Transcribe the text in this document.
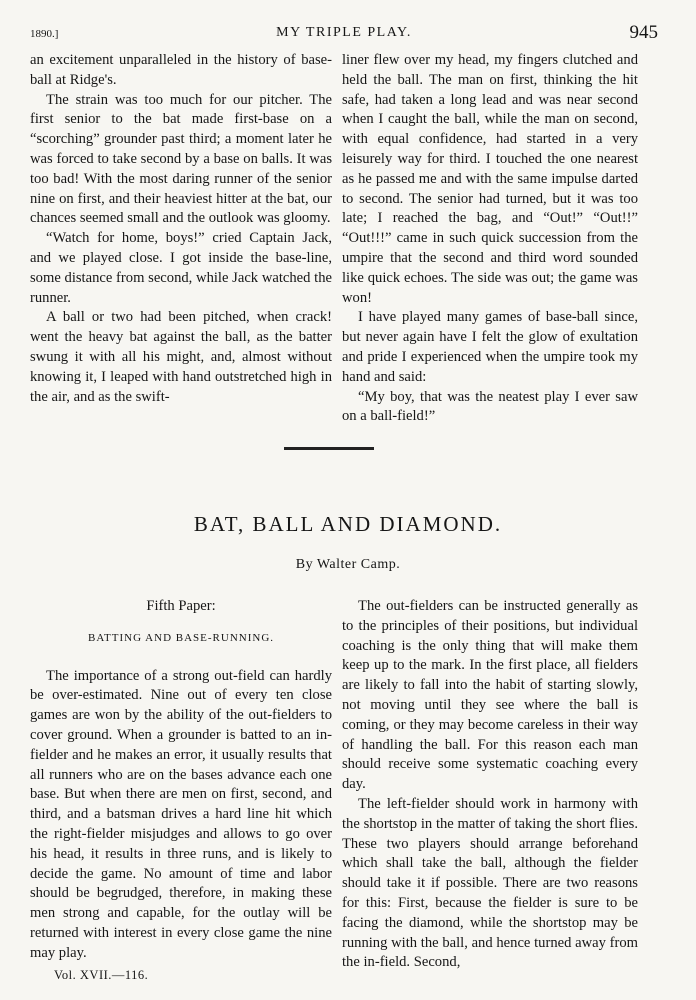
1890.]	MY TRIPLE PLAY.	945

an excitement unparalleled in the history of base-ball at Ridge's.

The strain was too much for our pitcher. The first senior to the bat made first-base on a “scorching” grounder past third; a moment later he was forced to take second by a base on balls. It was too bad! With the most daring runner of the senior nine on first, and their heaviest hitter at the bat, our chances seemed small and the outlook was gloomy.

“Watch for home, boys!” cried Captain Jack, and we played close. I got inside the base-line, some distance from second, while Jack watched the runner.

A ball or two had been pitched, when crack! went the heavy bat against the ball, as the batter swung it with all his might, and, almost without knowing it, I leaped with hand outstretched high in the air, and as the swift-

liner flew over my head, my fingers clutched and held the ball. The man on first, thinking the hit safe, had taken a long lead and was near second when I caught the ball, while the man on second, with equal confidence, had started in a very leisurely way for third. I touched the one nearest as he passed me and with the same impulse darted to second. The senior had turned, but it was too late; I reached the bag, and “Out!” “Out!!” “Out!!!” came in such quick succession from the umpire that the second and third word sounded like quick echoes. The side was out; the game was won!

I have played many games of base-ball since, but never again have I felt the glow of exultation and pride I experienced when the umpire took my hand and said:

“My boy, that was the neatest play I ever saw on a ball-field!”

BAT, BALL AND DIAMOND.
By Walter Camp.
Fifth Paper:
BATTING AND BASE-RUNNING.

The importance of a strong out-field can hardly be over-estimated. Nine out of every ten close games are won by the ability of the out-fielders to cover ground. When a grounder is batted to an in-fielder and he makes an error, it usually results that all runners who are on the bases advance each one base. But when there are men on first, second, and third, and a batsman drives a hard line hit which the right-fielder misjudges and allows to go over his head, it results in three runs, and is likely to decide the game. No amount of time and labor should be begrudged, therefore, in making these men strong and capable, for the outlay will be returned with interest in every close game the nine may play.

Vol. XVII.—116.

The out-fielders can be instructed generally as to the principles of their positions, but individual coaching is the only thing that will make them keep up to the mark. In the first place, all fielders are likely to fall into the habit of starting slowly, not moving until they see where the ball is coming, or they may become careless in their way of handling the ball. For this reason each man should receive some systematic coaching every day.

The left-fielder should work in harmony with the shortstop in the matter of taking the short flies. These two players should arrange beforehand which shall take the ball, although the fielder should take it if possible. There are two reasons for this: First, because the fielder is sure to be facing the diamond, while the shortstop may be running with the ball, and hence turned away from the in-field. Second,
